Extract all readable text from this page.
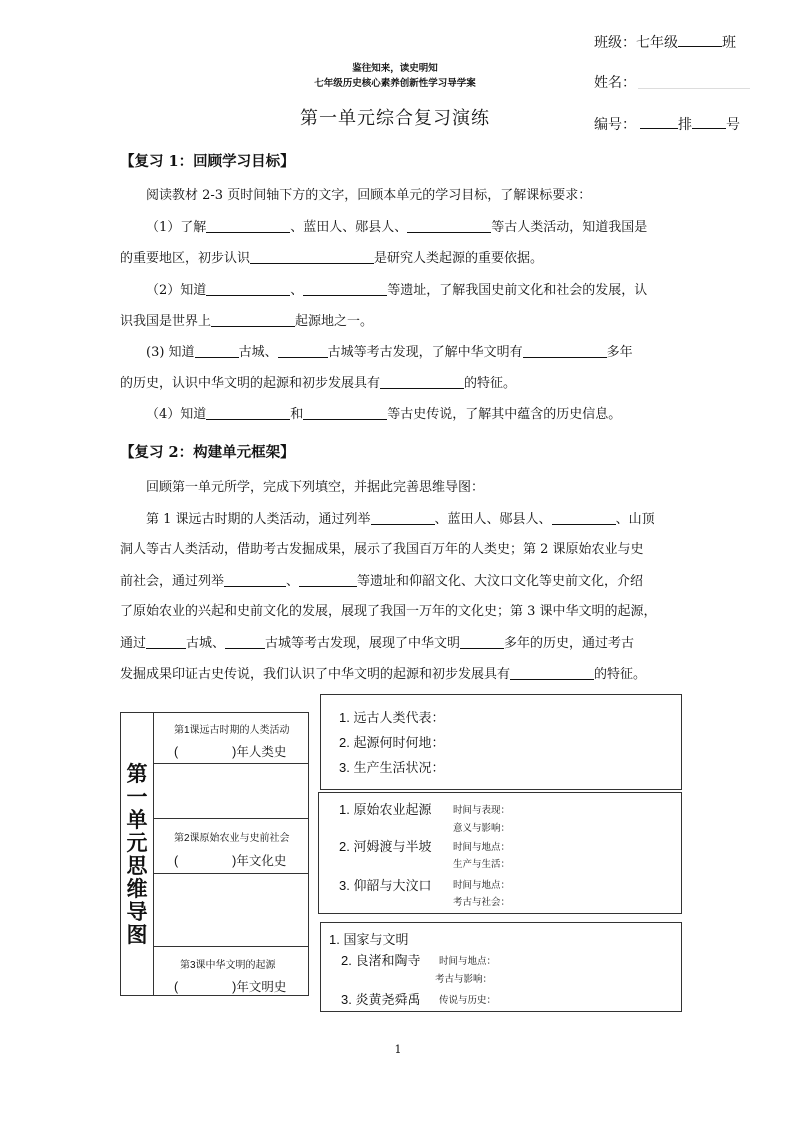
鉴往知来，读史明知
七年级历史核心素养创新性学习导学案
第一单元综合复习演练
班级：七年级	班
姓名：
编号：	排 号
【复习 1：回顾学习目标】
阅读教材 2-3 页时间轴下方的文字，回顾本单元的学习目标，了解课标要求：
（1）了解	、蓝田人、郧县人、	等古人类活动，知道我国是
的重要地区，初步认识	是研究人类起源的重要依据。
（2）知道	、	等遗址，了解我国史前文化和社会的发展，认
识我国是世界上	起源地之一。
(3) 知道	古城、	古城等考古发现，了解中华文明有	多年
的历史，认识中华文明的起源和初步发展具有	的特征。
（4）知道	和	等古史传说，了解其中蕴含的历史信息。
【复习 2：构建单元框架】
回顾第一单元所学，完成下列填空，并据此完善思维导图：
第 1 课远古时期的人类活动，通过列举	、蓝田人、郧县人、	、山顶
洞人等古人类活动，借助考古发掘成果，展示了我国百万年的人类史；第 2 课原始农业与史
前社会，通过列举	、	等遗址和仰韶文化、大汶口文化等史前文化，介绍
了原始农业的兴起和史前文化的发展，展现了我国一万年的文化史；第 3 课中华文明的起源，
通过	古城、	古城等考古发现，展现了中华文明	多年的历史，通过考古
发掘成果印证古史传说，我们认识了中华文明的起源和初步发展具有	的特征。
第
一
单
元
思
维
导
图
第1课远古时期的人类活动
(	)年人类史
第2课原始农业与史前社会
(	)年文化史
第3课中华文明的起源
(	)年文明史
1. 远古人类代表：
2. 起源何时何地：
3. 生产生活状况：
1. 原始农业起源 时间与表现：
意义与影响：
2. 河姆渡与半坡 时间与地点：
生产与生活：
3. 仰韶与大汶口 时间与地点：
考古与社会：
1. 国家与文明
2. 良渚和陶寺 时间与地点：
考古与影响：
3. 炎黄尧舜禹 传说与历史：
1
